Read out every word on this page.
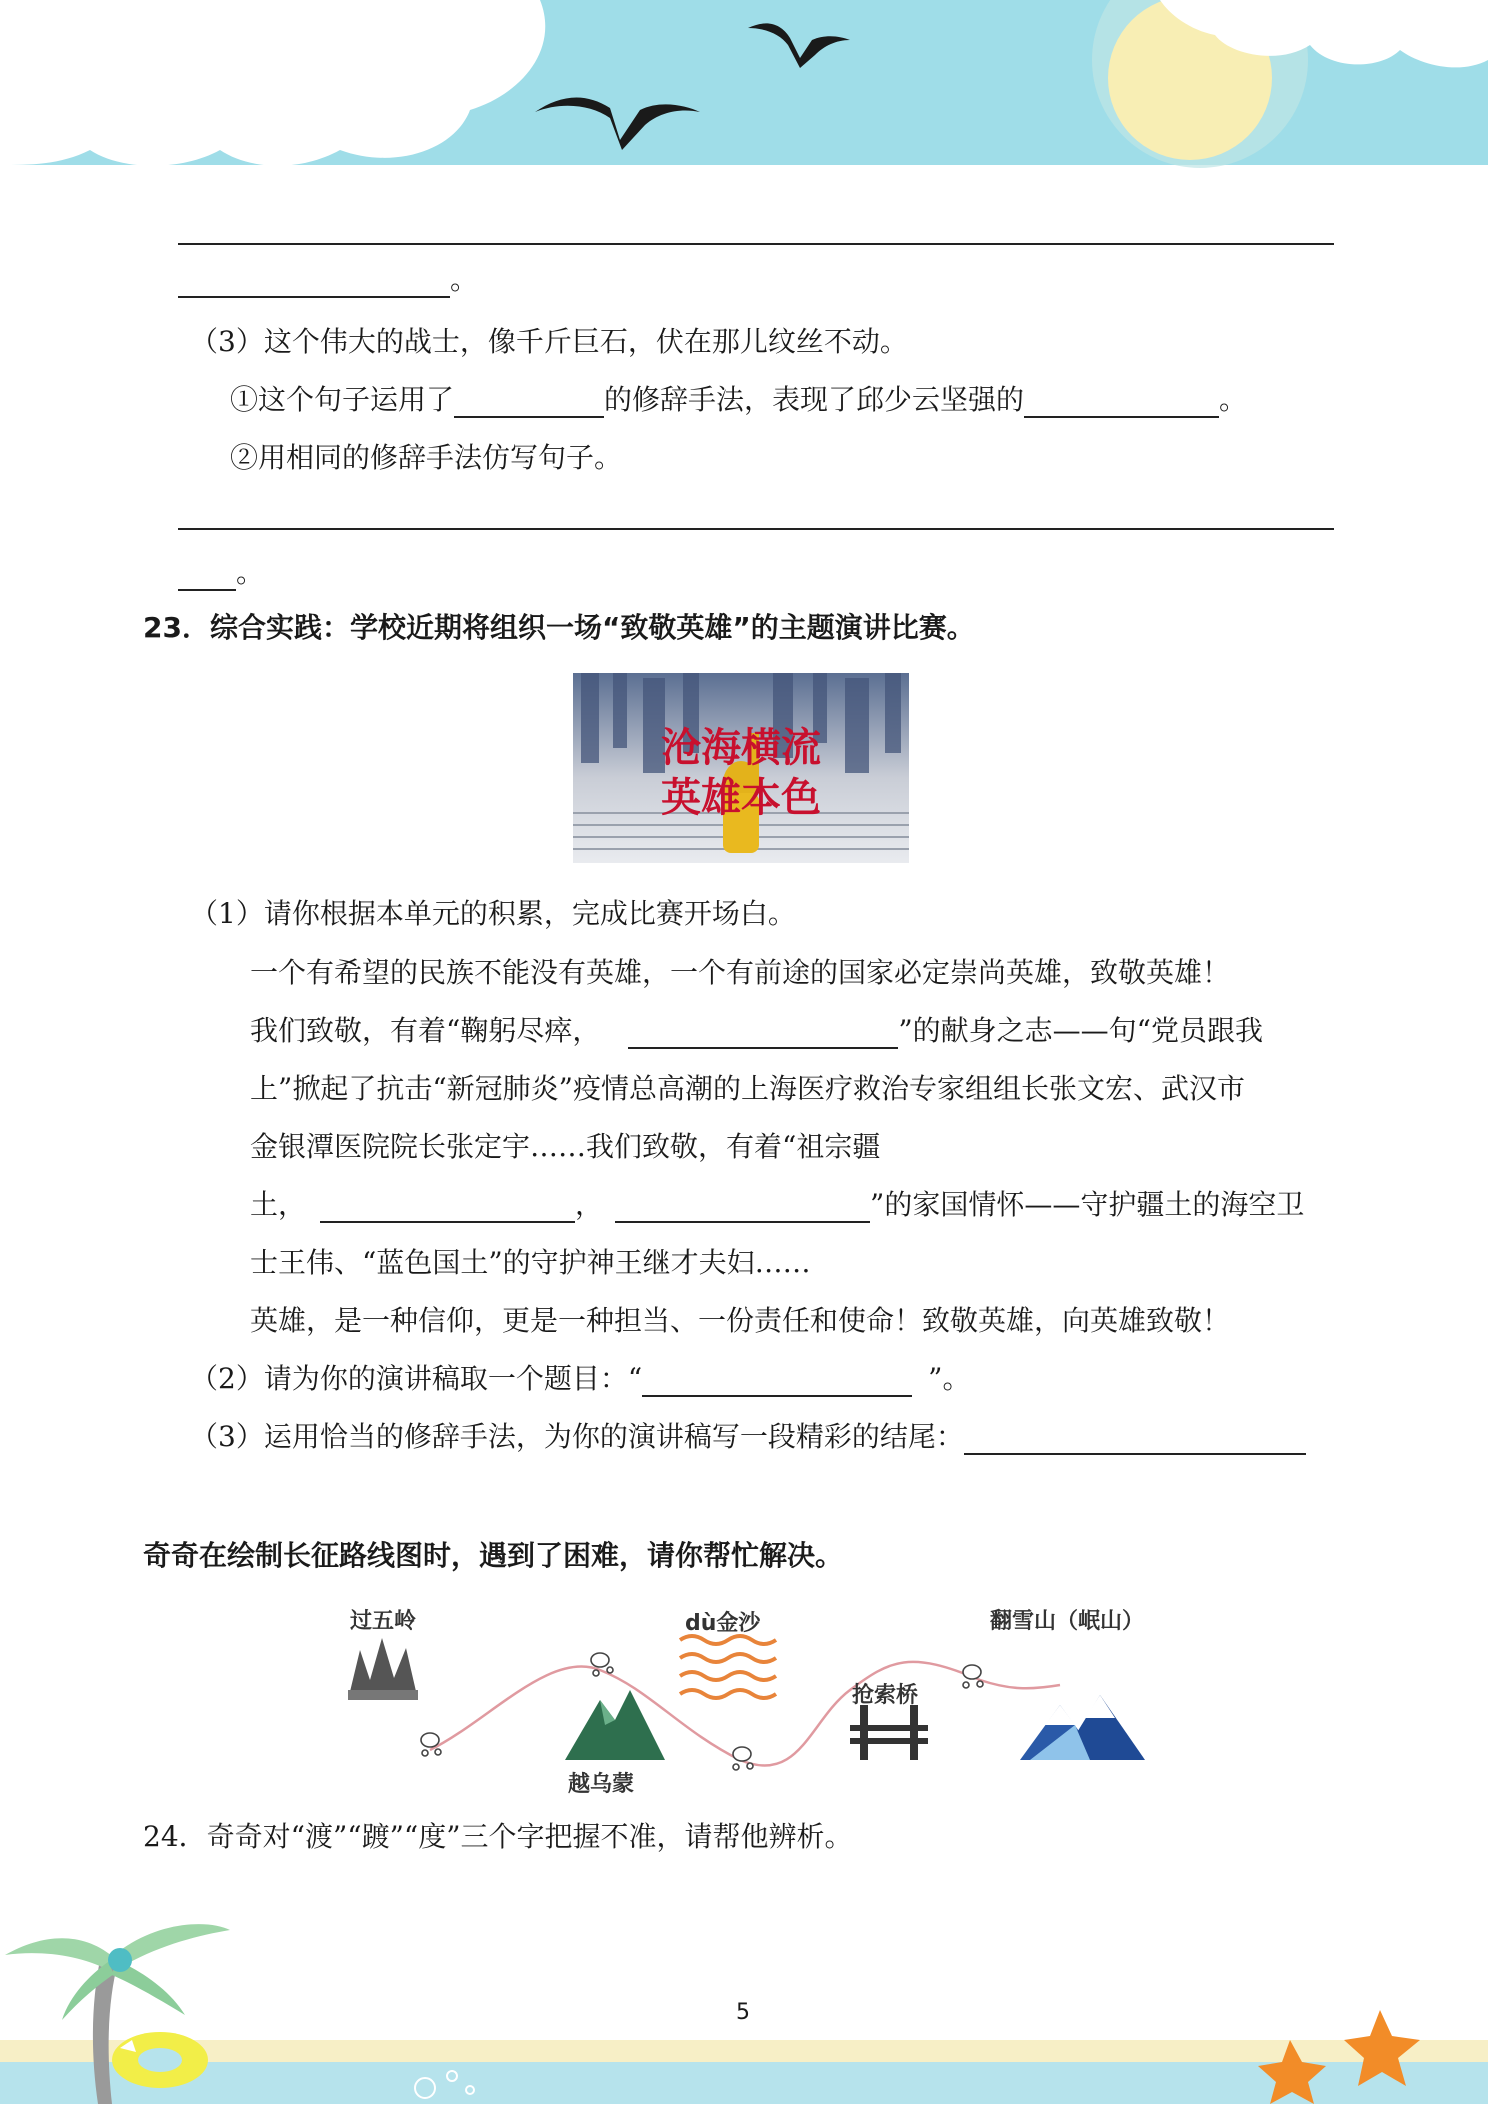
。
（3）这个伟大的战士，像千斤巨石，伏在那儿纹丝不动。
①这个句子运用了	的修辞手法，表现了邱少云坚强的	。
②用相同的修辞手法仿写句子。
。
23．综合实践：学校近期将组织一场“致敬英雄”的主题演讲比赛。
沧海横流
英雄本色
（1）请你根据本单元的积累，完成比赛开场白。
一个有希望的民族不能没有英雄，一个有前途的国家必定崇尚英雄，致敬英雄！
我们致敬，有着“鞠躬尽瘁，	”的献身之志——句“党员跟我
上”掀起了抗击“新冠肺炎”疫情总高潮的上海医疗救治专家组组长张文宏、武汉市
金银潭医院院长张定宇……我们致敬，有着“祖宗疆
土，	，	”的家国情怀——守护疆土的海空卫
士王伟、“蓝色国土”的守护神王继才夫妇……
英雄，是一种信仰，更是一种担当、一份责任和使命！致敬英雄，向英雄致敬！
（2）请为你的演讲稿取一个题目：“	”。
（3）运用恰当的修辞手法，为你的演讲稿写一段精彩的结尾：
奇奇在绘制长征路线图时，遇到了困难，请你帮忙解决。
过五岭	dù金沙	翻雪山（岷山）
越乌蒙
抢索桥
24．奇奇对“渡”“踱”“度”三个字把握不准，请帮他辨析。
5
